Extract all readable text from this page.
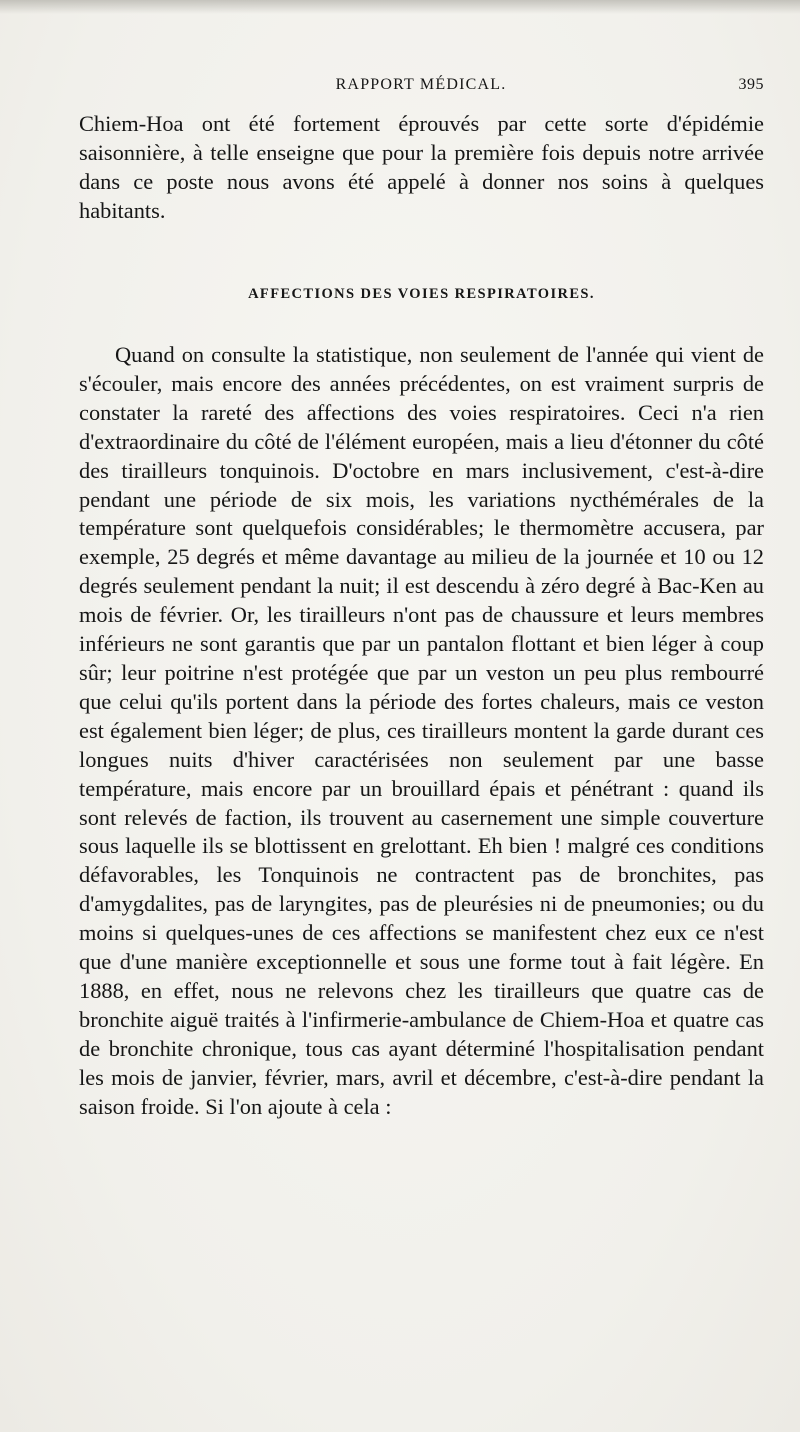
RAPPORT MÉDICAL.	395

Chiem-Hoa ont été fortement éprouvés par cette sorte d'épidémie saisonnière, à telle enseigne que pour la première fois depuis notre arrivée dans ce poste nous avons été appelé à donner nos soins à quelques habitants.

AFFECTIONS DES VOIES RESPIRATOIRES.

Quand on consulte la statistique, non seulement de l'année qui vient de s'écouler, mais encore des années précédentes, on est vraiment surpris de constater la rareté des affections des voies respiratoires. Ceci n'a rien d'extraordinaire du côté de l'élément européen, mais a lieu d'étonner du côté des tirailleurs tonquinois. D'octobre en mars inclusivement, c'est-à-dire pendant une période de six mois, les variations nycthémérales de la température sont quelquefois considérables; le thermomètre accusera, par exemple, 25 degrés et même davantage au milieu de la journée et 10 ou 12 degrés seulement pendant la nuit; il est descendu à zéro degré à Bac-Ken au mois de février. Or, les tirailleurs n'ont pas de chaussure et leurs membres inférieurs ne sont garantis que par un pantalon flottant et bien léger à coup sûr; leur poitrine n'est protégée que par un veston un peu plus rembourré que celui qu'ils portent dans la période des fortes chaleurs, mais ce veston est également bien léger; de plus, ces tirailleurs montent la garde durant ces longues nuits d'hiver caractérisées non seulement par une basse température, mais encore par un brouillard épais et pénétrant : quand ils sont relevés de faction, ils trouvent au casernement une simple couverture sous laquelle ils se blottissent en grelottant. Eh bien ! malgré ces conditions défavorables, les Tonquinois ne contractent pas de bronchites, pas d'amygdalites, pas de laryngites, pas de pleurésies ni de pneumonies; ou du moins si quelques-unes de ces affections se manifestent chez eux ce n'est que d'une manière exceptionnelle et sous une forme tout à fait légère. En 1888, en effet, nous ne relevons chez les tirailleurs que quatre cas de bronchite aiguë traités à l'infirmerie-ambulance de Chiem-Hoa et quatre cas de bronchite chronique, tous cas ayant déterminé l'hospitalisation pendant les mois de janvier, février, mars, avril et décembre, c'est-à-dire pendant la saison froide. Si l'on ajoute à cela :
